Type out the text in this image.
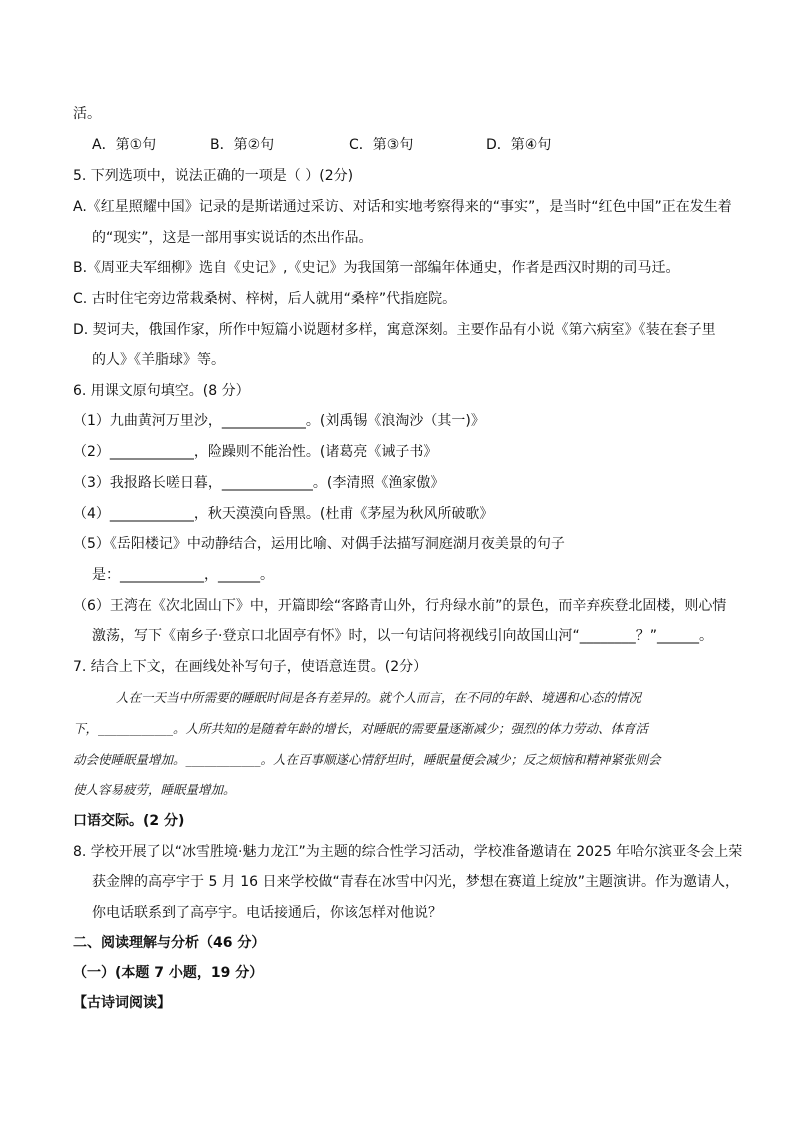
活。
A．第①句	B．第②句	C．第③句	D．第④句
5. 下列选项中，说法正确的一项是（ ）(2分)
A.《红星照耀中国》记录的是斯诺通过采访、对话和实地考察得来的“事实”，是当时“红色中国”正在发生着
的“现实”，这是一部用事实说话的杰出作品。
B.《周亚夫军细柳》选自《史记》,《史记》为我国第一部编年体通史，作者是西汉时期的司马迁。
C. 古时住宅旁边常栽桑树、梓树，后人就用“桑梓”代指庭院。
D. 契诃夫，俄国作家，所作中短篇小说题材多样，寓意深刻。主要作品有小说《第六病室》《装在套子里
的人》《羊脂球》等。
6. 用课文原句填空。(8 分）
（1）九曲黄河万里沙，____________。(刘禹锡《浪淘沙（其一)》
（2）____________，险躁则不能治性。(诸葛亮《诫子书》
（3）我报路长嗟日暮，_____________。(李清照《渔家傲》
（4）____________，秋天漠漠向昏黑。(杜甫《茅屋为秋风所破歌》
（5）《岳阳楼记》中动静结合，运用比喻、对偶手法描写洞庭湖月夜美景的句子
是：____________，______。
（6）王湾在《次北固山下》中，开篇即绘“客路青山外，行舟绿水前”的景色，而辛弃疾登北固楼，则心情
激荡，写下《南乡子·登京口北固亭有怀》时，以一句诘问将视线引向故国山河“________？”______。
7. 结合上下文，在画线处补写句子，使语意连贯。(2分）
人在一天当中所需要的睡眠时间是各有差异的。就个人而言，在不同的年龄、境遇和心态的情况
下，____________。人所共知的是随着年龄的增长，对睡眠的需要量逐渐减少；强烈的体力劳动、体育活
动会使睡眠量增加。____________。人在百事顺遂心情舒坦时，睡眠量便会减少；反之烦恼和精神紧张则会
使人容易疲劳，睡眠量增加。
口语交际。(2 分)
8. 学校开展了以“冰雪胜境·魅力龙江”为主题的综合性学习活动，学校准备邀请在 2025 年哈尔滨亚冬会上荣
获金牌的高亭宇于 5 月 16 日来学校做“青春在冰雪中闪光，梦想在赛道上绽放”主题演讲。作为邀请人，
你电话联系到了高亭宇。电话接通后，你该怎样对他说？
二、阅读理解与分析（46 分）
（一）(本题 7 小题，19 分）
【古诗词阅读】
